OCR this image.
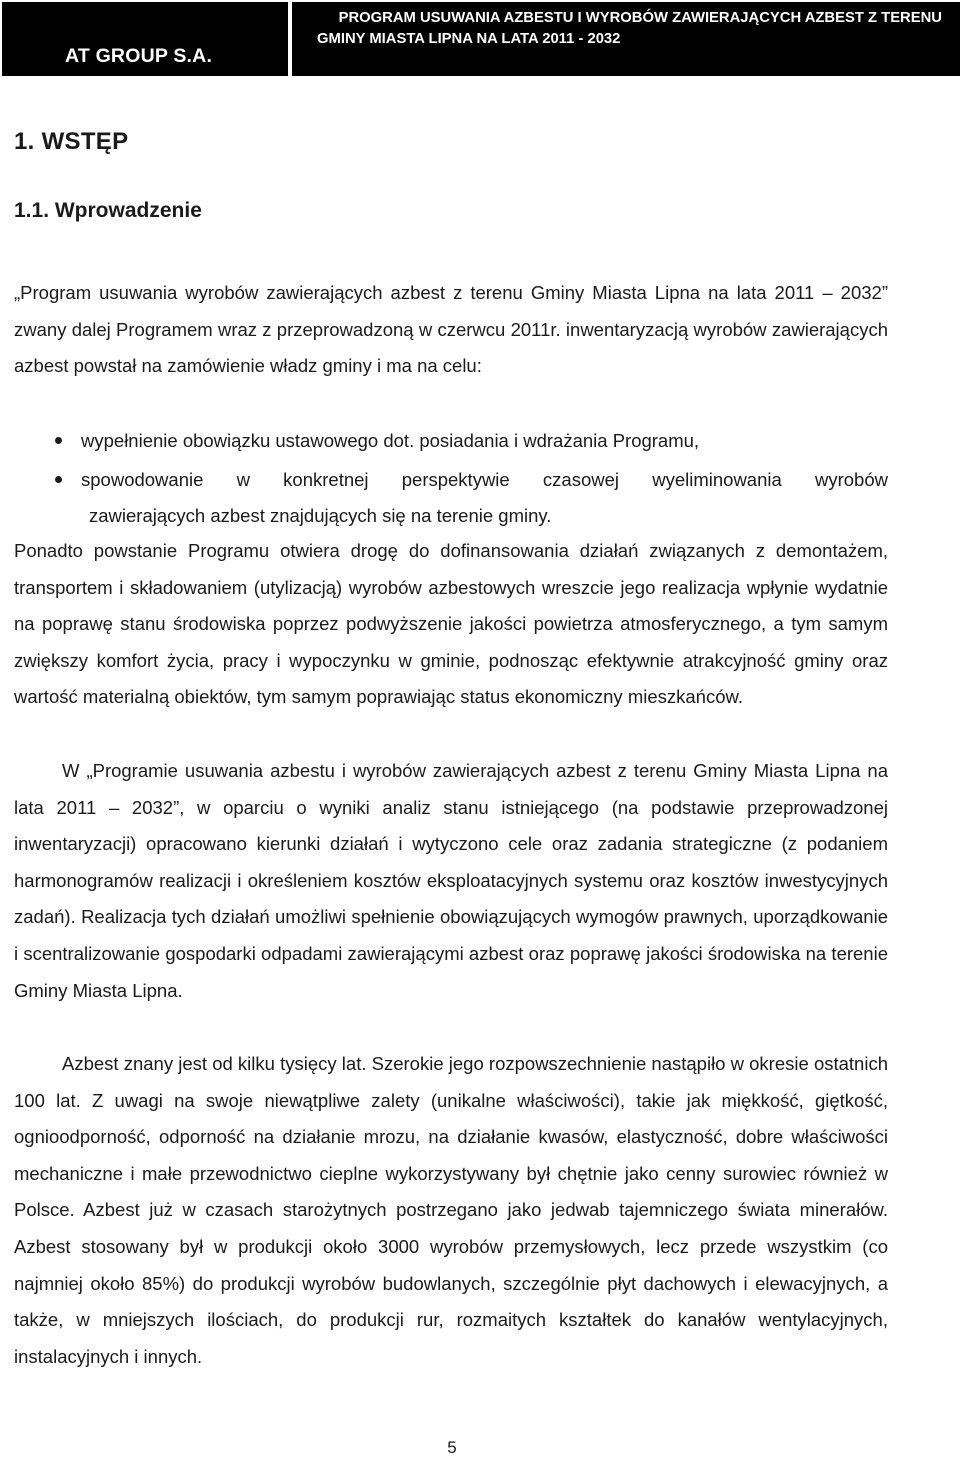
AT GROUP S.A.
PROGRAM USUWANIA AZBESTU I WYROBÓW ZAWIERAJĄCYCH AZBEST Z TERENU
GMINY MIASTA LIPNA NA LATA 2011 - 2032
1. WSTĘP
1.1. Wprowadzenie
„Program usuwania wyrobów zawierających azbest z terenu Gminy Miasta Lipna na lata 2011 – 2032” zwany dalej Programem wraz z przeprowadzoną w czerwcu 2011r. inwentaryzacją wyrobów zawierających azbest powstał na zamówienie władz gminy i ma na celu:
wypełnienie obowiązku ustawowego dot. posiadania i wdrażania Programu,
spowodowanie w konkretnej perspektywie czasowej wyeliminowania wyrobów
zawierających azbest znajdujących się na terenie gminy.
Ponadto powstanie Programu otwiera drogę do dofinansowania działań związanych z demontażem, transportem i składowaniem (utylizacją) wyrobów azbestowych wreszcie jego realizacja wpłynie wydatnie na poprawę stanu środowiska poprzez podwyższenie jakości powietrza atmosferycznego, a tym samym zwiększy komfort życia, pracy i wypoczynku w gminie, podnosząc efektywnie atrakcyjność gminy oraz wartość materialną obiektów, tym samym poprawiając status ekonomiczny mieszkańców.
W „Programie usuwania azbestu i wyrobów zawierających azbest z terenu Gminy Miasta Lipna na lata 2011 – 2032”, w oparciu o wyniki analiz stanu istniejącego (na podstawie przeprowadzonej inwentaryzacji) opracowano kierunki działań i wytyczono cele oraz zadania strategiczne (z podaniem harmonogramów realizacji i określeniem kosztów eksploatacyjnych systemu oraz kosztów inwestycyjnych zadań). Realizacja tych działań umożliwi spełnienie obowiązujących wymogów prawnych, uporządkowanie i scentralizowanie gospodarki odpadami zawierającymi azbest oraz poprawę jakości środowiska na terenie Gminy Miasta Lipna.
Azbest znany jest od kilku tysięcy lat. Szerokie jego rozpowszechnienie nastąpiło w okresie ostatnich 100 lat. Z uwagi na swoje niewątpliwe zalety (unikalne właściwości), takie jak miękkość, giętkość, ognioodporność, odporność na działanie mrozu, na działanie kwasów, elastyczność, dobre właściwości mechaniczne i małe przewodnictwo cieplne wykorzystywany był chętnie jako cenny surowiec również w Polsce. Azbest już w czasach starożytnych postrzegano jako jedwab tajemniczego świata minerałów. Azbest stosowany był w produkcji około 3000 wyrobów przemysłowych, lecz przede wszystkim (co najmniej około 85%) do produkcji wyrobów budowlanych, szczególnie płyt dachowych i elewacyjnych, a także, w mniejszych ilościach, do produkcji rur, rozmaitych kształtek do kanałów wentylacyjnych, instalacyjnych i innych.
5
